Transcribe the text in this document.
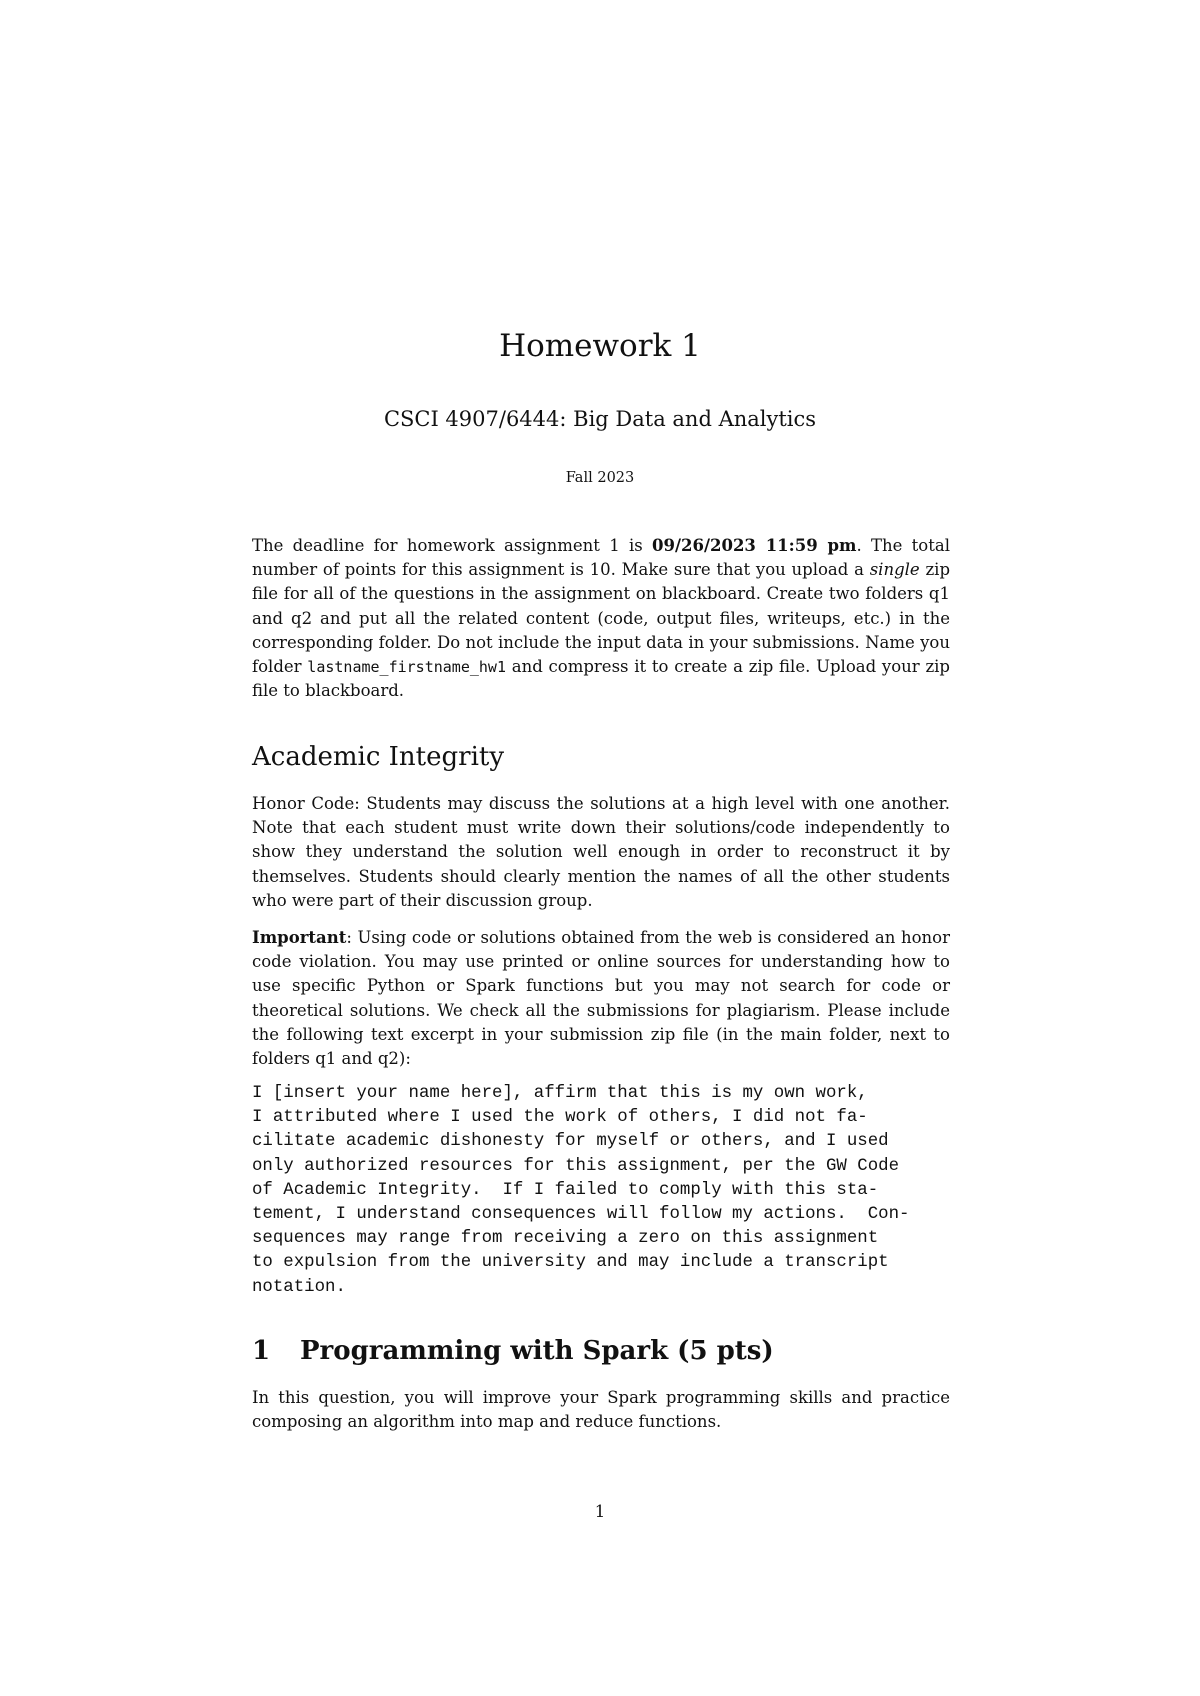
Homework 1
CSCI 4907/6444: Big Data and Analytics
Fall 2023

The deadline for homework assignment 1 is 09/26/2023 11:59 pm. The total number of points for this assignment is 10. Make sure that you upload a single zip file for all of the questions in the assignment on blackboard. Create two folders q1 and q2 and put all the related content (code, output files, writeups, etc.) in the corresponding folder. Do not include the input data in your submissions. Name you folder lastname_firstname_hw1 and compress it to create a zip file. Upload your zip file to blackboard.

Academic Integrity

Honor Code: Students may discuss the solutions at a high level with one another. Note that each student must write down their solutions/code independently to show they understand the solution well enough in order to reconstruct it by themselves. Students should clearly mention the names of all the other students who were part of their discussion group.

Important: Using code or solutions obtained from the web is considered an honor code violation. You may use printed or online sources for understanding how to use specific Python or Spark functions but you may not search for code or theoretical solutions. We check all the submissions for plagiarism. Please include the following text excerpt in your submission zip file (in the main folder, next to folders q1 and q2):

I [insert your name here], affirm that this is my own work,
I attributed where I used the work of others, I did not fa-
cilitate academic dishonesty for myself or others, and I used
only authorized resources for this assignment, per the GW Code
of Academic Integrity.  If I failed to comply with this sta-
tement, I understand consequences will follow my actions.  Con-
sequences may range from receiving a zero on this assignment
to expulsion from the university and may include a transcript
notation.
1 Programming with Spark (5 pts)

In this question, you will improve your Spark programming skills and practice composing an algorithm into map and reduce functions.

1
